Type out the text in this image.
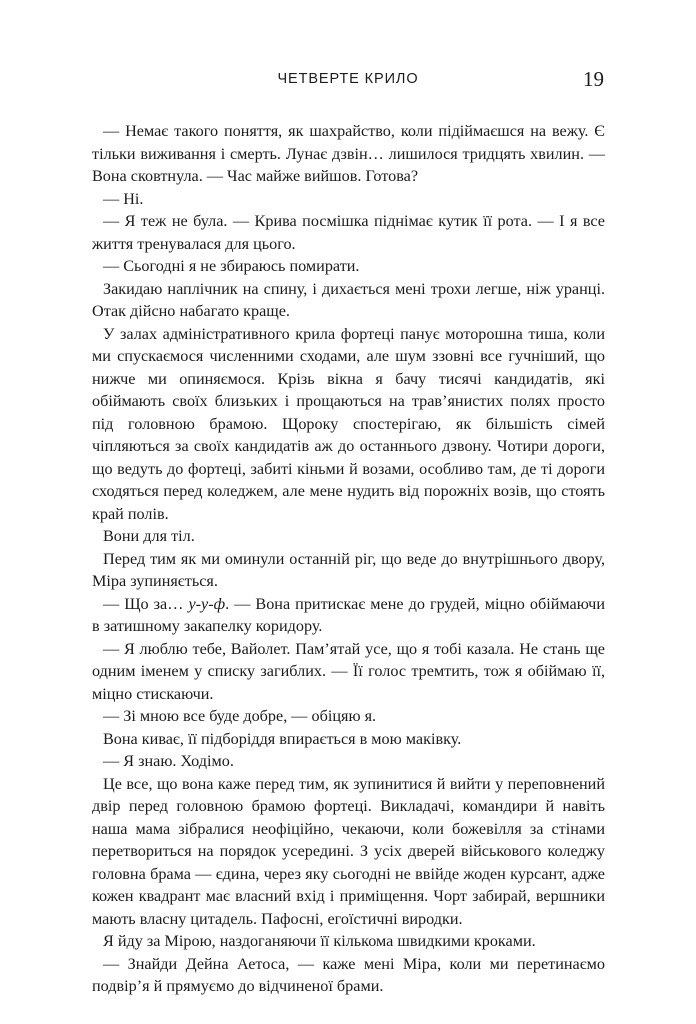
ЧЕТВЕРТЕ КРИЛО	19

— Немає такого поняття, як шахрайство, коли підіймаєшся на вежу. Є тільки виживання і смерть. Лунає дзвін… лишилося тридцять хвилин. — Вона сковтнула. — Час майже вийшов. Готова?

— Ні.

— Я теж не була. — Крива посмішка піднімає кутик її рота. — І я все життя тренувалася для цього.

— Сьогодні я не збираюсь помирати.

Закидаю наплічник на спину, і дихається мені трохи легше, ніж уранці. Отак дійсно набагато краще.

У залах адміністративного крила фортеці панує моторошна тиша, коли ми спускаємося численними сходами, але шум ззовні все гучніший, що нижче ми опиняємося. Крізь вікна я бачу тисячі кандидатів, які обіймають своїх близьких і прощаються на трав’янистих полях просто під головною брамою. Щороку спостерігаю, як більшість сімей чіпляються за своїх кандидатів аж до останнього дзвону. Чотири дороги, що ведуть до фортеці, забиті кіньми й возами, особливо там, де ті дороги сходяться перед коледжем, але мене нудить від порожніх возів, що стоять край полів.

Вони для тіл.

Перед тим як ми оминули останній ріг, що веде до внутрішнього двору, Міра зупиняється.

— Що за… у-у-ф. — Вона притискає мене до грудей, міцно обіймаючи в затишному закапелку коридору.

— Я люблю тебе, Вайолет. Пам’ятай усе, що я тобі казала. Не стань ще одним іменем у списку загиблих. — Її голос тремтить, тож я обіймаю її, міцно стискаючи.

— Зі мною все буде добре, — обіцяю я.

Вона киває, її підборіддя впирається в мою маківку.

— Я знаю. Ходімо.

Це все, що вона каже перед тим, як зупинитися й вийти у переповнений двір перед головною брамою фортеці. Викладачі, командири й навіть наша мама зібралися неофіційно, чекаючи, коли божевілля за стінами перетвориться на порядок усередині. З усіх дверей військового коледжу головна брама — єдина, через яку сьогодні не ввійде жоден курсант, адже кожен квадрант має власний вхід і приміщення. Чорт забирай, вершники мають власну цитадель. Пафосні, егоїстичні виродки.

Я йду за Мірою, наздоганяючи її кількома швидкими кроками.

— Знайди Дейна Аетоса, — каже мені Міра, коли ми перетинаємо подвір’я й прямуємо до відчиненої брами.
